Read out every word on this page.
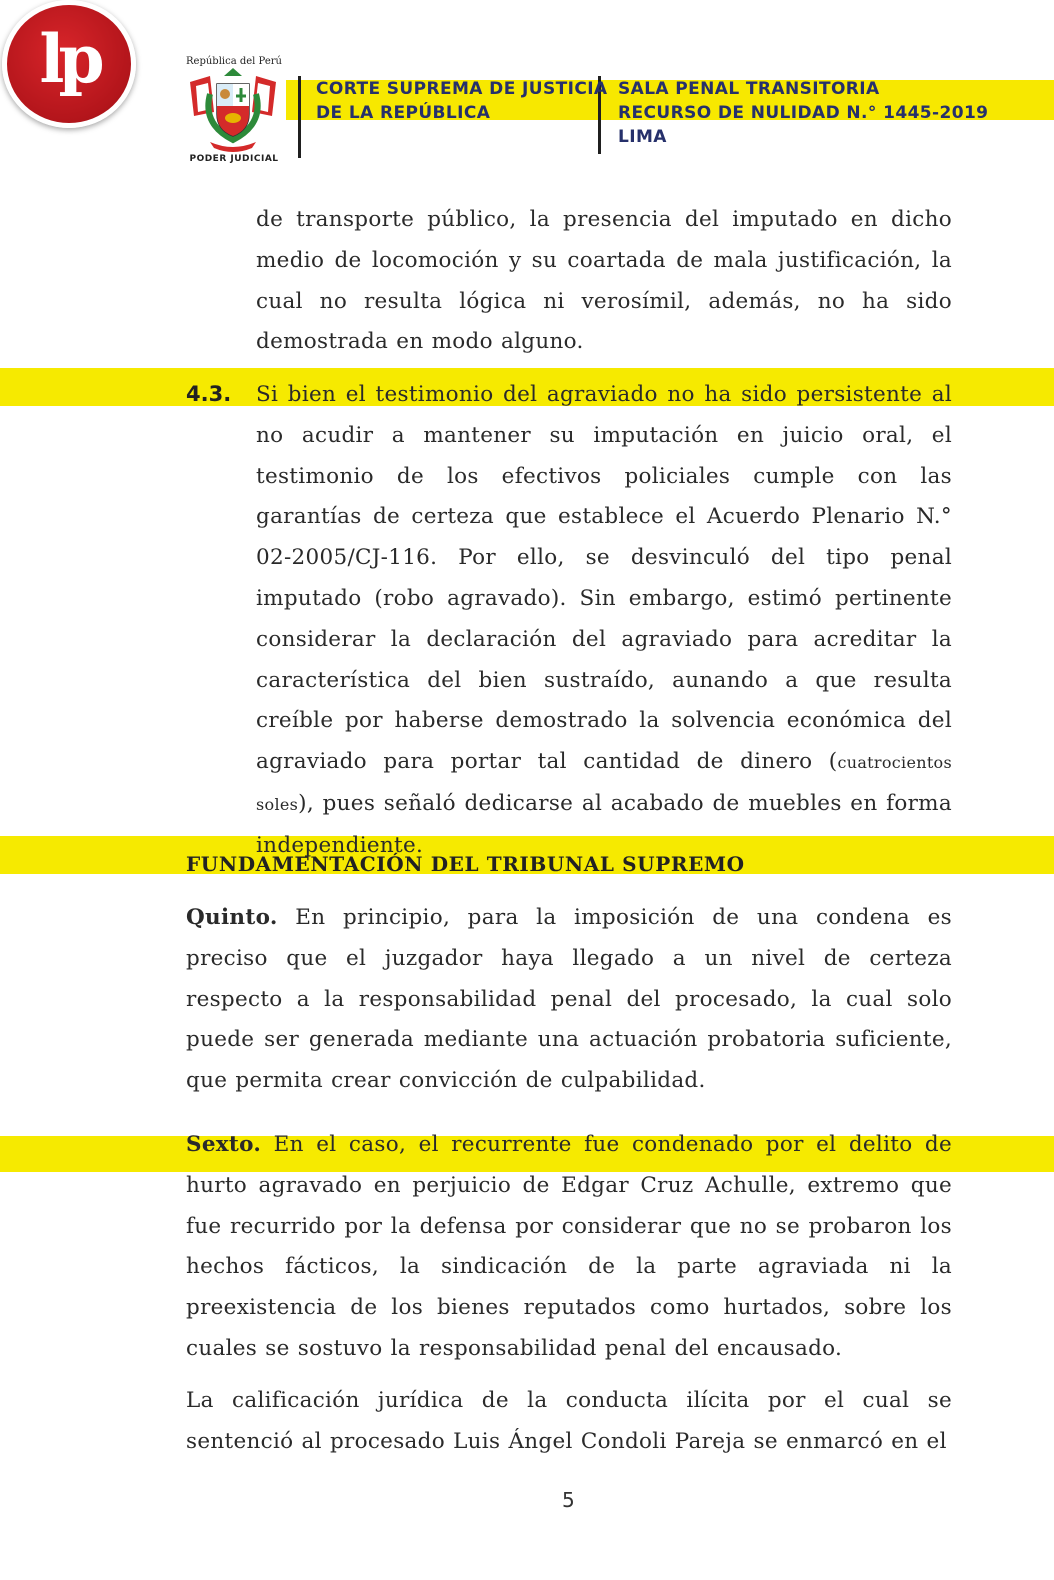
lp	República del Perú
PODER JUDICIAL
CORTE SUPREMA DE JUSTICIA
DE LA REPÚBLICA
SALA PENAL TRANSITORIA
RECURSO DE NULIDAD N.° 1445-2019
LIMA
de transporte público, la presencia del imputado en dicho medio de locomoción y su coartada de mala justificación, la cual no resulta lógica ni verosímil, además, no ha sido demostrada en modo alguno.
4.3. Si bien el testimonio del agraviado no ha sido persistente al no acudir a mantener su imputación en juicio oral, el testimonio de los efectivos policiales cumple con las garantías de certeza que establece el Acuerdo Plenario N.° 02-2005/CJ-116. Por ello, se desvinculó del tipo penal imputado (robo agravado). Sin embargo, estimó pertinente considerar la declaración del agraviado para acreditar la característica del bien sustraído, aunando a que resulta creíble por haberse demostrado la solvencia económica del agraviado para portar tal cantidad de dinero (cuatrocientos soles), pues señaló dedicarse al acabado de muebles en forma independiente.
FUNDAMENTACIÓN DEL TRIBUNAL SUPREMO
Quinto. En principio, para la imposición de una condena es preciso que el juzgador haya llegado a un nivel de certeza respecto a la responsabilidad penal del procesado, la cual solo puede ser generada mediante una actuación probatoria suficiente, que permita crear convicción de culpabilidad.
Sexto. En el caso, el recurrente fue condenado por el delito de hurto agravado en perjuicio de Edgar Cruz Achulle, extremo que fue recurrido por la defensa por considerar que no se probaron los hechos fácticos, la sindicación de la parte agraviada ni la preexistencia de los bienes reputados como hurtados, sobre los cuales se sostuvo la responsabilidad penal del encausado.
La calificación jurídica de la conducta ilícita por el cual se sentenció al procesado Luis Ángel Condoli Pareja se enmarcó en el
5
